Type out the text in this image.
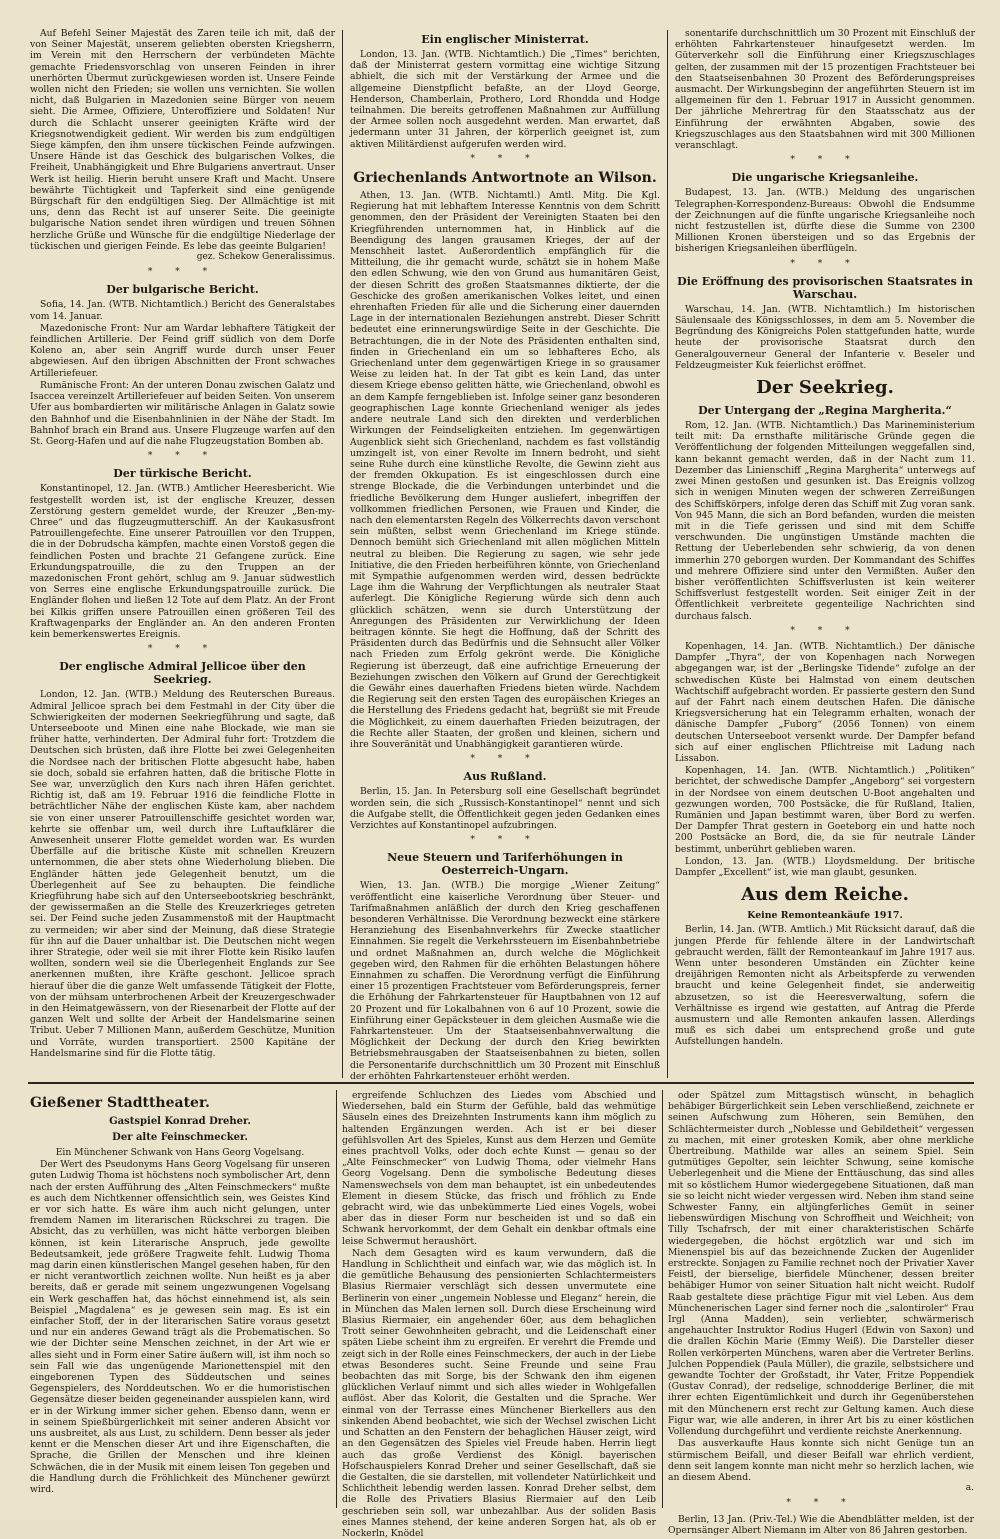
Auf Befehl Seiner Majestät des Zaren teile ich mit, daß der von Seiner Majestät, unserem geliebten obersten Kriegsherrn, im Verein mit den Herrschern der verbündeten Mächte gemachte Friedensvorschlag von unseren Feinden in ihrer unerhörten Übermut zurückgewiesen worden ist. Unsere Feinde wollen nicht den Frieden; sie wollen uns vernichten. Sie wollen nicht, daß Bulgarien in Mazedonien seine Bürger von neuem sieht. Die Armee, Offiziere, Unteroffiziere und Soldaten! Nur durch die Schlacht unserer geeinigten Kräfte wird der Kriegsnotwendigkeit gedient. Wir werden bis zum endgültigen Siege kämpfen, den ihm unsere tückischen Feinde aufzwingen. Unsere Hände ist das Geschick des bulgarischen Volkes, die Freiheit, Unabhängigkeit und Ehre Bulgariens anvertraut. Unser Werk ist heilig. Hierin beruht unsere Kraft und Macht. Unsere bewährte Tüchtigkeit und Tapferkeit sind eine genügende Bürgschaft für den endgültigen Sieg. Der Allmächtige ist mit uns, denn das Recht ist auf unserer Seite. Die geeinigte bulgarische Nation sendet ihren würdigen und treuen Söhnen herzliche Grüße und Wünsche für die endgültige Niederlage der tückischen und gierigen Feinde. Es lebe das geeinte Bulgarien!

gez. Schekow Generalissimus.
* * *
Der bulgarische Bericht.

Sofia, 14. Jan. (WTB. Nichtamtlich.) Bericht des Generalstabes vom 14. Januar.

Mazedonische Front: Nur am Wardar lebhaftere Tätigkeit der feindlichen Artillerie. Der Feind griff südlich von dem Dorfe Koleno an, aber sein Angriff wurde durch unser Feuer abgewiesen. Auf den übrigen Abschnitten der Front schwaches Artilleriefeuer.

Rumänische Front: An der unteren Donau zwischen Galatz und Isaccea vereinzelt Artilleriefeuer auf beiden Seiten. Von unserem Ufer aus bombardierten wir militärische Anlagen in Galatz sowie den Bahnhof und die Eisenbahnlinien in der Nähe der Stadt. Im Bahnhof brach ein Brand aus. Unsere Flugzeuge warfen auf den St. Georg-Hafen und auf die nahe Flugzeugstation Bomben ab.

* * *
Der türkische Bericht.

Konstantinopel, 12. Jan. (WTB.) Amtlicher Heeresbericht. Wie festgestellt worden ist, ist der englische Kreuzer, dessen Zerstörung gestern gemeldet wurde, der Kreuzer „Ben-my-Chree“ und das flugzeugmutterschiff. An der Kaukasusfront Patrouillengefechte. Eine unserer Patrouillen vor den Truppen, die in der Dobrudscha kämpfen, machte einen Vorstoß gegen die feindlichen Posten und brachte 21 Gefangene zurück. Eine Erkundungspatrouille, die zu den Truppen an der mazedonischen Front gehört, schlug am 9. Januar südwestlich von Serres eine englische Erkundungspatrouille zurück. Die Engländer flohen und ließen 12 Tote auf dem Platz. An der Front bei Kilkis griffen unsere Patrouillen einen größeren Teil des Kraftwagenparks der Engländer an. An den anderen Fronten kein bemerkenswertes Ereignis.

* * *
Der englische Admiral Jellicoe über den Seekrieg.

London, 12. Jan. (WTB.) Meldung des Reuterschen Bureaus. Admiral Jellicoe sprach bei dem Festmahl in der City über die Schwierigkeiten der modernen Seekriegführung und sagte, daß Unterseeboote und Minen eine nahe Blockade, wie man sie früher hatte, verhinderten. Der Admiral fuhr fort: Trotzdem die Deutschen sich brüsten, daß ihre Flotte bei zwei Gelegenheiten die Nordsee nach der britischen Flotte abgesucht habe, haben sie doch, sobald sie erfahren hatten, daß die britische Flotte in See war, unverzüglich den Kurs nach ihren Häfen gerichtet. Richtig ist, daß am 19. Februar 1916 die feindliche Flotte in beträchtlicher Nähe der englischen Küste kam, aber nachdem sie von einer unserer Patrouillenschiffe gesichtet worden war, kehrte sie offenbar um, weil durch ihre Luftaufklärer die Anwesenheit unserer Flotte gemeldet worden war. Es wurden Überfälle auf die britische Küste mit schnellen Kreuzern unternommen, die aber stets ohne Wiederholung blieben. Die Engländer hätten jede Gelegenheit benutzt, um die Überlegenheit auf See zu behaupten. Die feindliche Kriegführung habe sich auf den Unterseebootskrieg beschränkt, der gewissermaßen an die Stelle des Kreuzerkrieges getreten sei. Der Feind suche jeden Zusammenstoß mit der Hauptmacht zu vermeiden; wir aber sind der Meinung, daß diese Strategie für ihn auf die Dauer unhaltbar ist. Die Deutschen nicht wegen ihrer Strategie, oder weil sie mit ihrer Flotte kein Risiko laufen wollten, sondern weil sie die Überlegenheit Englands zur See anerkennen mußten, ihre Kräfte geschont. Jellicoe sprach hierauf über die die ganze Welt umfassende Tätigkeit der Flotte, von der mühsam unterbrochenen Arbeit der Kreuzergeschwader in den Heimatgewässern, von der Riesenarbeit der Flotte auf der ganzen Welt und sollte der Arbeit der Handelsmarine seinen Tribut. Ueber 7 Millionen Mann, außerdem Geschütze, Munition und Vorräte, wurden transportiert. 2500 Kapitäne der Handelsmarine sind für die Flotte tätig.

Ein englischer Ministerrat.

London, 13. Jan. (WTB. Nichtamtlich.) Die „Times“ berichten, daß der Ministerrat gestern vormittag eine wichtige Sitzung abhielt, die sich mit der Verstärkung der Armee und die allgemeine Dienstpflicht befaßte, an der Lloyd George, Henderson, Chamberlain, Prothero, Lord Rhondda und Hodge teilnahmen. Die bereits getroffenen Maßnahmen zur Auffüllung der Armee sollen noch ausgedehnt werden. Man erwartet, daß jedermann unter 31 Jahren, der körperlich geeignet ist, zum aktiven Militärdienst aufgerufen werden wird.

* * *
Griechenlands Antwortnote an Wilson.

Athen, 13. Jan. (WTB. Nichtamtl.) Amtl. Mitg. Die Kgl. Regierung hat mit lebhaftem Interesse Kenntnis von dem Schritt genommen, den der Präsident der Vereinigten Staaten bei den Kriegführenden unternommen hat, in Hinblick auf die Beendigung des langen grausamen Krieges, der auf der Menschheit lastet. Außerordentlich empfänglich für die Mitteilung, die ihr gemacht wurde, schätzt sie in hohem Maße den edlen Schwung, wie den von Grund aus humanitären Geist, der diesen Schritt des großen Staatsmannes diktierte, der die Geschicke des großen amerikanischen Volkes leitet, und einen ehrenhaften Frieden für alle und die Sicherung einer dauernden Lage in der internationalen Beziehungen anstrebt. Dieser Schritt bedeutet eine erinnerungswürdige Seite in der Geschichte. Die Betrachtungen, die in der Note des Präsidenten enthalten sind, finden in Griechenland ein um so lebhafteres Echo, als Griechenland unter dem gegenwärtigen Kriege in so grausamer Weise zu leiden hat. In der Tat gibt es kein Land, das unter diesem Kriege ebenso gelitten hätte, wie Griechenland, obwohl es an dem Kampfe ferngeblieben ist. Infolge seiner ganz besonderen geographischen Lage konnte Griechenland weniger als jedes andere neutrale Land sich den direkten und verderblichen Wirkungen der Feindseligkeiten entziehen. Im gegenwärtigen Augenblick sieht sich Griechenland, nachdem es fast vollständig umzingelt ist, von einer Revolte im Innern bedroht, und sieht seine Ruhe durch eine künstliche Revolte, die Gewinn zieht aus der fremden Okkupation. Es ist eingeschlossen durch eine strenge Blockade, die die Verbindungen unterbindet und die friedliche Bevölkerung dem Hunger ausliefert, inbegriffen der vollkommen friedlichen Personen, wie Frauen und Kinder, die nach den elementarsten Regeln des Völkerrechts davon verschont sein müßten, selbst wenn Griechenland im Kriege stünde. Dennoch bemüht sich Griechenland mit allen möglichen Mitteln neutral zu bleiben. Die Regierung zu sagen, wie sehr jede Initiative, die den Frieden herbeiführen könnte, von Griechenland mit Sympathie aufgenommen werden wird, dessen bedrückte Lage ihm die Wahrung der Verpflichtungen als neutraler Staat auferlegt. Die Königliche Regierung würde sich denn auch glücklich schätzen, wenn sie durch Unterstützung der Anregungen des Präsidenten zur Verwirklichung der Ideen beitragen könnte. Sie hegt die Hoffnung, daß der Schritt des Präsidenten durch das Bedürfnis und die Sehnsucht aller Völker nach Frieden zum Erfolg gekrönt werde. Die Königliche Regierung ist überzeugt, daß eine aufrichtige Erneuerung der Beziehungen zwischen den Völkern auf Grund der Gerechtigkeit die Gewähr eines dauerhaften Friedens bieten würde. Nachdem die Regierung seit den ersten Tagen des europäischen Krieges an die Herstellung des Friedens gedacht hat, begrüßt sie mit Freude die Möglichkeit, zu einem dauerhaften Frieden beizutragen, der die Rechte aller Staaten, der großen und kleinen, sichern und ihre Souveränität und Unabhängigkeit garantieren würde.

* * *
Aus Rußland.

Berlin, 15. Jan. In Petersburg soll eine Gesellschaft begründet worden sein, die sich „Russisch-Konstantinopel“ nennt und sich die Aufgabe stellt, die Öffentlichkeit gegen jeden Gedanken eines Verzichtes auf Konstantinopel aufzubringen.

* * *
Neue Steuern und Tariferhöhungen in Oesterreich-Ungarn.

Wien, 13. Jan. (WTB.) Die morgige „Wiener Zeitung“ veröffentlicht eine kaiserliche Verordnung über Steuer- und Tarifmaßnahmen anläßlich der durch den Krieg geschaffenen besonderen Verhältnisse. Die Verordnung bezweckt eine stärkere Heranziehung des Eisenbahnverkehrs für Zwecke staatlicher Einnahmen. Sie regelt die Verkehrssteuern im Eisenbahnbetriebe und ordnet Maßnahmen an, durch welche die Möglichkeit gegeben wird, den Rahmen für die erhöhten Belastungen höhere Einnahmen zu schaffen. Die Verordnung verfügt die Einführung einer 15 prozentigen Frachtsteuer vom Beförderungspreis, ferner die Erhöhung der Fahrkartensteuer für Hauptbahnen von 12 auf 20 Prozent und für Lokalbahnen von 6 auf 10 Prozent, sowie die Einführung einer Gepäcksteuer in dem gleichen Ausmaße wie die Fahrkartensteuer. Um der Staatseisenbahnverwaltung die Möglichkeit der Deckung der durch den Krieg bewirkten Betriebsmehrausgaben der Staatseisenbahnen zu bieten, sollen die Personentarife durchschnittlich um 30 Prozent mit Einschluß der erhöhten Fahrkartensteuer erhöht werden.

sonentarife durchschnittlich um 30 Prozent mit Einschluß der erhöhten Fahrkartensteuer hinaufgesetzt werden. Im Güterverkehr soll die Einführung einer Kriegszuschlages gelten, der zusammen mit der 15 prozentigen Frachtsteuer bei den Staatseisenbahnen 30 Prozent des Beförderungspreises ausmacht. Der Wirkungsbeginn der angeführten Steuern ist im allgemeinen für den 1. Februar 1917 in Aussicht genommen. Der jährliche Mehrertrag für den Staatsschatz aus der Einführung der erwähnten Abgaben, sowie des Kriegszuschlages aus den Staatsbahnen wird mit 300 Millionen veranschlagt.

* * *
Die ungarische Kriegsanleihe.

Budapest, 13. Jan. (WTB.) Meldung des ungarischen Telegraphen-Korrespondenz-Bureaus: Obwohl die Endsumme der Zeichnungen auf die fünfte ungarische Kriegsanleihe noch nicht festzustellen ist, dürfte diese die Summe von 2300 Millionen Kronen übersteigen und so das Ergebnis der bisherigen Kriegsanleihen überflügeln.

* * *
Die Eröffnung des provisorischen Staatsrates in Warschau.

Warschau, 14. Jan. (WTB. Nichtamtlich.) Im historischen Säulensaale des Königsschlosses, in dem am 5. November die Begründung des Königreichs Polen stattgefunden hatte, wurde heute der provisorische Staatsrat durch den Generalgouverneur General der Infanterie v. Beseler und Feldzeugmeister Kuk feierlichst eröffnet.

Der Seekrieg.
Der Untergang der „Regina Margherita.“

Rom, 12. Jan. (WTB. Nichtamtlich.) Das Marineministerium teilt mit: Da ernsthafte militärische Gründe gegen die Veröffentlichung der folgenden Mitteilungen weggefallen sind, kann bekannt gemacht werden, daß in der Nacht zum 11. Dezember das Linienschiff „Regina Margherita“ unterwegs auf zwei Minen gestoßen und gesunken ist. Das Ereignis vollzog sich in wenigen Minuten wegen der schweren Zerreißungen des Schiffskörpers, infolge deren das Schiff mit Zug voran sank. Von 945 Mann, die sich an Bord befanden, wurden die meisten mit in die Tiefe gerissen und sind mit dem Schiffe verschwunden. Die ungünstigen Umstände machten die Rettung der Ueberlebenden sehr schwierig, da von denen immerhin 270 geborgen wurden. Der Kommandant des Schiffes und mehrere Offiziere sind unter den Vermißten. Außer den bisher veröffentlichten Schiffsverlusten ist kein weiterer Schiffsverlust festgestellt worden. Seit einiger Zeit in der Öffentlichkeit verbreitete gegenteilige Nachrichten sind durchaus falsch.

* * *

Kopenhagen, 14. Jan. (WTB. Nichtamtlich.) Der dänische Dampfer „Thyra“, der von Kopenhagen nach Norwegen abgegangen war, ist der „Berlingske Tidende“ zufolge an der schwedischen Küste bei Halmstad von einem deutschen Wachtschiff aufgebracht worden. Er passierte gestern den Sund auf der Fahrt nach einem deutschen Hafen. Die dänische Kriegsversicherung hat ein Telegramm erhalten, wonach der dänische Dampfer „Fuborg“ (2056 Tonnen) von einem deutschen Unterseeboot versenkt wurde. Der Dampfer befand sich auf einer englischen Pflichtreise mit Ladung nach Lissabon.

Kopenhagen, 14. Jan. (WTB. Nichtamtlich.) „Politiken“ berichtet, der schwedische Dampfer „Angeborg“ sei vorgestern in der Nordsee von einem deutschen U-Boot angehalten und gezwungen worden, 700 Postsäcke, die für Rußland, Italien, Rumänien und Japan bestimmt waren, über Bord zu werfen. Der Dampfer Thrat gestern in Goeteborg ein und hatte noch 200 Postsäcke an Bord, die, da sie für neutrale Länder bestimmt, unberührt geblieben waren.

London, 13. Jan. (WTB.) Lloydsmeldung. Der britische Dampfer „Excellent“ ist, wie man glaubt, gesunken.

Aus dem Reiche.
Keine Remonteankäufe 1917.

Berlin, 14. Jan. (WTB. Amtlich.) Mit Rücksicht darauf, daß die jungen Pferde für fehlende ältere in der Landwirtschaft gebraucht werden, fällt der Remonteankauf im Jahre 1917 aus. Wenn unter besonderen Umständen ein Züchter keine dreijährigen Remonten nicht als Arbeitspferde zu verwenden braucht und keine Gelegenheit findet, sie anderweitig abzusetzen, so ist die Heeresverwaltung, sofern die Verhältnisse es irgend wie gestatten, auf Antrag die Pferde ausmustern und alle Remonten ankaufen lassen. Allerdings muß es sich dabei um entsprechend große und gute Aufstellungen handeln.

Gießener Stadttheater.
Gastspiel Konrad Dreher.
Der alte Feinschmecker.

Ein Münchener Schwank von Hans Georg Vogelsang.

Der Wert des Pseudonyms Hans Georg Vogelsang für unseren guten Ludwig Thoma ist höchstens noch symbolischer Art, denn nach der ersten Aufführung des „Alten Feinschmeckers“ mußte es auch dem Nichtkenner offensichtlich sein, wes Geistes Kind er vor sich hatte. Es wäre ihm auch nicht gelungen, unter fremdem Namen im literarischen Rückschrei zu tragen. Die Absicht, das zu verhüllen, was nicht hätte verborgen bleiben können, ist kein Literarische Anspruch, jede gewollte Bedeutsamkeit, jede größere Tragweite fehlt. Ludwig Thoma mag darin einen künstlerischen Mangel gesehen haben, für den er nicht verantwortlich zeichnen wollte. Nun heißt es ja aber bereits, daß er gerade mit seinem ungezwungenen Vogelsang ein Werk geschaffen hat, das höchst einnehmend ist, als sein Beispiel „Magdalena“ es je gewesen sein mag. Es ist ein einfacher Stoff, der in der literarischen Satire voraus gesetzt und nur ein anderes Gewand trägt als die Probematischen. So wie der Dichter seine Menschen zeichnet, in der Art wie er alles sieht und in Form einer Satire äußern will, ist ihm noch so sein Fall wie das ungenügende Marionettenspiel mit den eingeborenen Typen des Süddeutschen und seines Gegenspielers, des Norddeutschen. Wo er die humoristischen Gegensätze dieser beiden gegeneinander ausspielen kann, wird er in der Wirkung immer sicher gehen. Ebenso dann, wenn er in seinem Spießbürgerlichkeit mit seiner anderen Absicht vor uns ausbreitet, als aus Lust, zu schildern. Denn besser als jeder kennt er die Menschen dieser Art und ihre Eigenschaften, die Sprache, die Grillen der Menschen und ihre kleinen Schwächen, die in der Musik mit einem leisen Ton gegeben und die Handlung durch die Fröhlichkeit des Münchener gewürzt wird.

ergreifende Schluchzen des Liedes vom Abschied und Wiedersehen, bald ein Sturm der Gefühle, bald das wehmütige Säuseln eines des Dreizehnten Instruments kann ihm möglich zu haltenden Ergänzungen werden. Ach ist er bei dieser gefühlsvollen Art des Spieles, Kunst aus dem Herzen und Gemüte eines prachtvoll Volks, oder doch echte Kunst — genau so der „Alte Feinschmecker“ von Ludwig Thoma, oder vielmehr Hans Georg Vogelsang. Denn die symbolische Bedeutung dieses Namenswechsels von dem man behauptet, ist ein unbedeutendes Element in diesem Stücke, das frisch und fröhlich zu Ende gebracht wird, wie das unbekümmerte Lied eines Vogels, wobei aber das in dieser Form nur bescheiden ist und so daß ein Schwank hervorkommt, der dem Gehalt ein denkbar oftmals eine leise Schwermut heraushört.

Nach dem Gesagten wird es kaum verwundern, daß die Handlung in Schlichtheit und einfach war, wie das möglich ist. In die gemütliche Behausung des pensionierten Schlachtermeisters Blasius Riermaier verschlägt sich dessen unvermutete eine Berlinerin von einer „ungemein Noblesse und Eleganz“ herein, die in München das Malen lernen soll. Durch diese Erscheinung wird Blasius Riermaier, ein angehender 60er, aus dem behaglichen Trott seiner Gewohnheiten gebracht, und die Leidenschaft einer späten Liebe scheint ihm zu ergreifen. Er verehrt die Fremde und zeigt sich in der Rolle eines Feinschmeckers, der auch in der Liebe etwas Besonderes sucht. Seine Freunde und seine Frau beobachten das mit Sorge, bis der Schwank den ihm eigenen glücklichen Verlauf nimmt und sich alles wieder in Wohlgefallen auflöst. Aber das Kolorit, die Gestalten und die Sprache. Wer einmal von der Terrasse eines Münchener Bierkellers aus den sinkenden Abend beobachtet, wie sich der Wechsel zwischen Licht und Schatten an den Fenstern der behaglichen Häuser zeigt, wird an den Gegensätzen des Spieles viel Freude haben. Herrin liegt auch das große Verdienst des Königl. bayerischen Hofschauspielers Konrad Dreher und seiner Gesellschaft, daß sie die Gestalten, die sie darstellen, mit vollendeter Natürlichkeit und Schlichtheit lebendig werden lassen. Konrad Dreher selbst, dem die Rolle des Privatiers Blasius Riermaier auf den Leib geschrieben sein soll, war unbezahlbar. Aus der soliden Basis eines Mannes stehend, der keine anderen Sorgen hat, als ob er Nockerln, Knödel

oder Spätzel zum Mittagstisch wünscht, in behaglich behäbiger Bürgerlichkeit sein Leben verschließend, zeichnete er seinen Aufschwung zum Höheren, sein Bemühen, den Schlächtermeister durch „Noblesse und Gebildetheit“ vergessen zu machen, mit einer grotesken Komik, aber ohne merkliche Übertreibung. Mathilde war alles an seinem Spiel. Sein gutmütiges Gepolter, sein leichter Schwung, seine komische Ueberlegenheit und die Miene der Enttäuschung, das sind alles mit so köstlichem Humor wiedergegebene Situationen, daß man sie so leicht nicht wieder vergessen wird. Neben ihm stand seine Schwester Fanny, ein altjüngferliches Gemüt in seiner liebenswürdigen Mischung von Schroffheit und Weichheit; von Tilly Tschafrsch, der mit einer charakteristischen Schärfe wiedergegeben, die höchst ergötzlich war und sich im Mienenspiel bis auf das bezeichnende Zucken der Augenlider erstreckte. Sonjagen zu Familie rechnet noch der Privatier Xaver Feistl, der bierselige, bierfidele Münchener, dessen breiter behäbiger Humor von seiner Situation halt nicht weicht. Rudolf Raab gestaltete diese prächtige Figur mit viel Leben. Aus dem Münchenerischen Lager sind ferner noch die „salontiroler“ Frau Irgl (Anna Madden), sein verliebter, schwärmerisch angehauchter Instruktor Rodius Hugerl (Edwin von Saxon) und die drallen Köchin Marie (Emmy Weiß). Die Darsteller dieser Rollen verkörperten Münchens, waren aber die Vertreter Berlins. Julchen Poppendiek (Paula Müller), die grazile, selbstsichere und gewandte Tochter der Großstadt, ihr Vater, Fritze Poppendiek (Gustav Conrad), der redselige, schnodderige Berliner, die mit ihrer echten Eigentümlichkeit und durch ihr Gegenüberstehen mit den Münchenern erst recht zur Geltung kamen. Auch diese Figur war, wie alle anderen, in ihrer Art bis zu einer köstlichen Vollendung durchgeführt und verdiente reichste Anerkennung.

Das ausverkaufte Haus konnte sich nicht Genüge tun an stürmischem Beifall, und dieser Beifall war ehrlich verdient, denn seit langem konnte man nicht mehr so herzlich lachen, wie an diesem Abend.

a.
* * *

Berlin, 13 Jan. (Priv.-Tel.) Wie die Abendblätter melden, ist der Opernsänger Albert Niemann im Alter von 86 Jahren gestorben.
